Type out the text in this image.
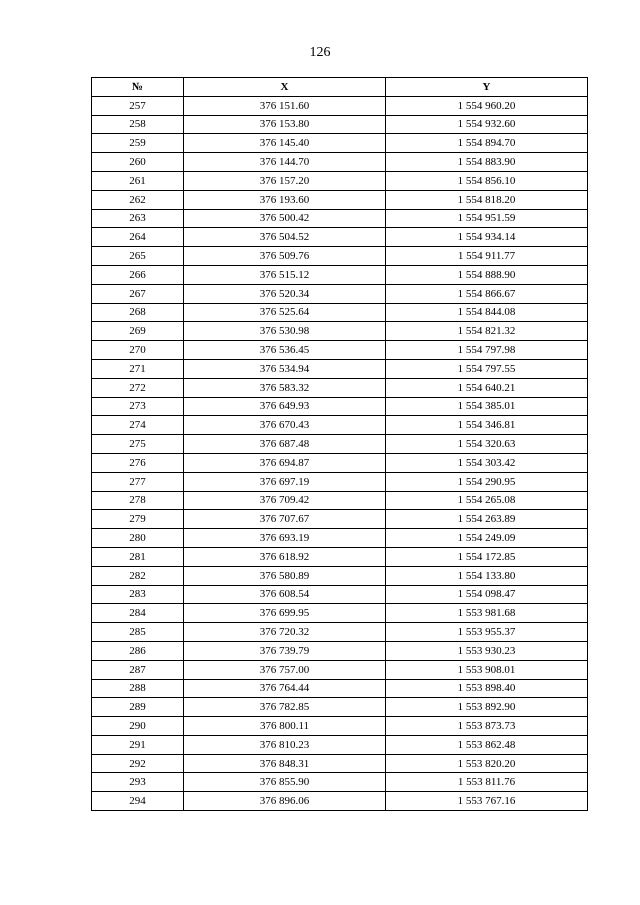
126
№	X	Y
257	376 151.60	1 554 960.20
258	376 153.80	1 554 932.60
259	376 145.40	1 554 894.70
260	376 144.70	1 554 883.90
261	376 157.20	1 554 856.10
262	376 193.60	1 554 818.20
263	376 500.42	1 554 951.59
264	376 504.52	1 554 934.14
265	376 509.76	1 554 911.77
266	376 515.12	1 554 888.90
267	376 520.34	1 554 866.67
268	376 525.64	1 554 844.08
269	376 530.98	1 554 821.32
270	376 536.45	1 554 797.98
271	376 534.94	1 554 797.55
272	376 583.32	1 554 640.21
273	376 649.93	1 554 385.01
274	376 670.43	1 554 346.81
275	376 687.48	1 554 320.63
276	376 694.87	1 554 303.42
277	376 697.19	1 554 290.95
278	376 709.42	1 554 265.08
279	376 707.67	1 554 263.89
280	376 693.19	1 554 249.09
281	376 618.92	1 554 172.85
282	376 580.89	1 554 133.80
283	376 608.54	1 554 098.47
284	376 699.95	1 553 981.68
285	376 720.32	1 553 955.37
286	376 739.79	1 553 930.23
287	376 757.00	1 553 908.01
288	376 764.44	1 553 898.40
289	376 782.85	1 553 892.90
290	376 800.11	1 553 873.73
291	376 810.23	1 553 862.48
292	376 848.31	1 553 820.20
293	376 855.90	1 553 811.76
294	376 896.06	1 553 767.16
